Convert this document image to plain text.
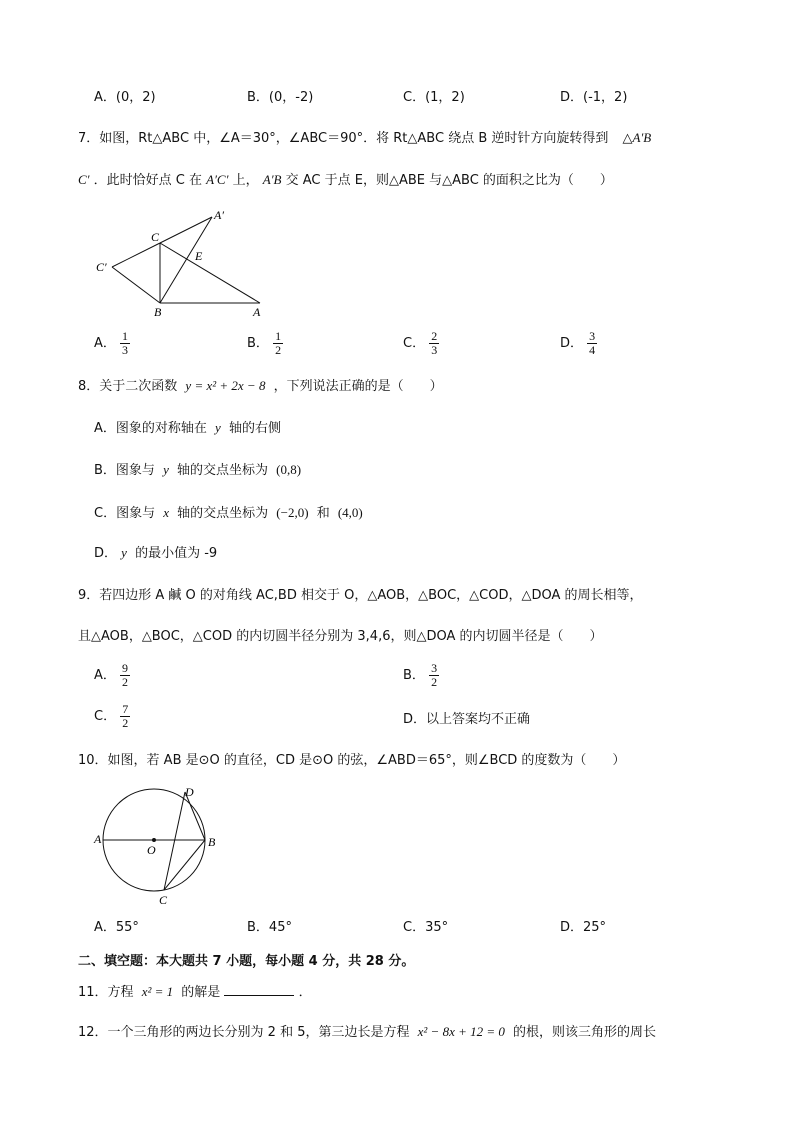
A．(0，2)	B．(0，-2)	C．(1，2)	D．(-1，2)
7．如图，Rt△ABC 中，∠A＝30°，∠ABC＝90°．将 Rt△ABC 绕点 B 逆时针方向旋转得到 △A′B
C′ ．此时恰好点 C 在 A′C′ 上， A′B 交 AC 于点 E，则△ABE 与△ABC 的面积之比为（　　）
C
A′
E
C′
B	A
A． $\frac{1}{3}$	B． $\frac{1}{2}$	C． $\frac{2}{3}$	D． $\frac{3}{4}$
8．关于二次函数 y = x² + 2x − 8 ，下列说法正确的是（　　）
A．图象的对称轴在 y 轴的右侧
B．图象与 y 轴的交点坐标为 (0,8)
C．图象与 x 轴的交点坐标为 (−2,0) 和 (4,0)
D． y 的最小值为 -9
9．若四边形 A 鹹 O 的对角线 AC,BD 相交于 O，△AOB，△BOC，△COD，△DOA 的周长相等，
且△AOB，△BOC，△COD 的内切圆半径分别为 3,4,6，则△DOA 的内切圆半径是（　　）
A． $\frac{9}{2}$	B． $\frac{3}{2}$
C． $\frac{7}{2}$	D．以上答案均不正确
10．如图，若 AB 是⊙O 的直径，CD 是⊙O 的弦，∠ABD＝65°，则∠BCD 的度数为（　　）
A	B
D
C
O
A．55°	B．45°	C．35°	D．25°
二、填空题：本大题共 7 小题，每小题 4 分，共 28 分。
11．方程 x² = 1 的解是	．
12．一个三角形的两边长分别为 2 和 5，第三边长是方程 x² − 8x + 12 = 0 的根，则该三角形的周长
